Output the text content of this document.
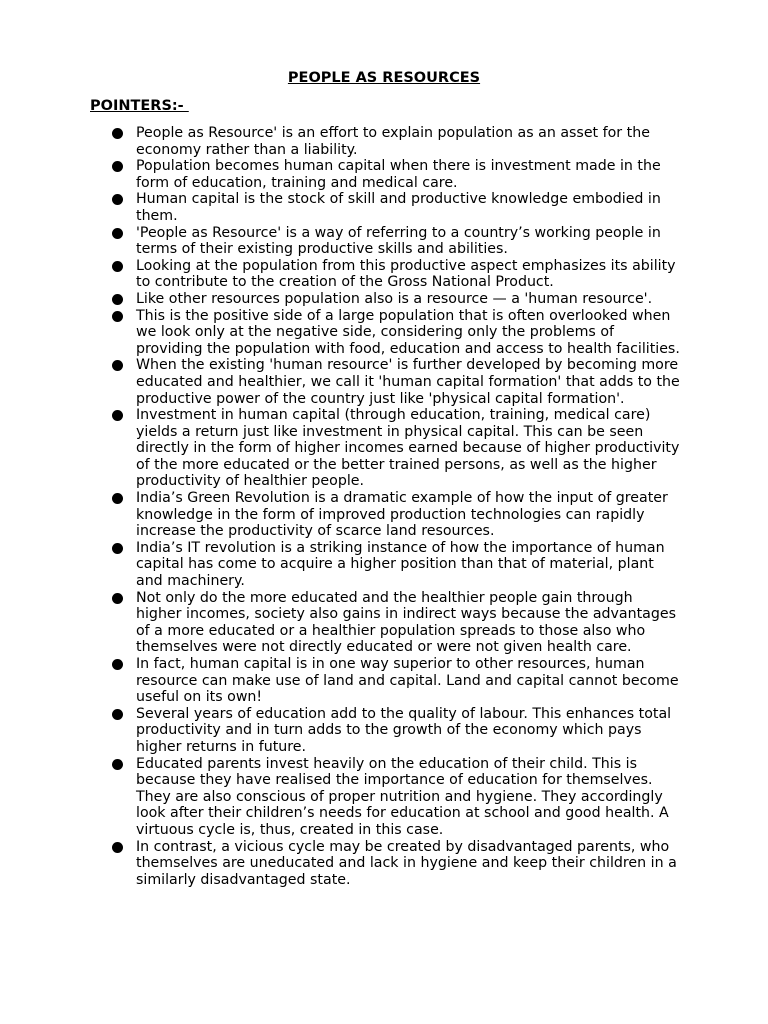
PEOPLE AS RESOURCES
POINTERS:-
People as Resource' is an effort to explain population as an asset for the economy rather than a liability.
Population becomes human capital when there is investment made in the form of education, training and medical care.
Human capital is the stock of skill and productive knowledge embodied in them.
'People as Resource' is a way of referring to a country’s working people in terms of their existing productive skills and abilities.
Looking at the population from this productive aspect emphasizes its ability to contribute to the creation of the Gross National Product.
Like other resources population also is a resource — a 'human resource'.
This is the positive side of a large population that is often overlooked when we look only at the negative side, considering only the problems of providing the population with food, education and access to health facilities.
When the existing 'human resource' is further developed by becoming more educated and healthier, we call it 'human capital formation' that adds to the productive power of the country just like 'physical capital formation'.
Investment in human capital (through education, training, medical care) yields a return just like investment in physical capital. This can be seen directly in the form of higher incomes earned because of higher productivity of the more educated or the better trained persons, as well as the higher productivity of healthier people.
India’s Green Revolution is a dramatic example of how the input of greater knowledge in the form of improved production technologies can rapidly increase the productivity of scarce land resources.
India’s IT revolution is a striking instance of how the importance of human capital has come to acquire a higher position than that of material, plant and machinery.
Not only do the more educated and the healthier people gain through higher incomes, society also gains in indirect ways because the advantages of a more educated or a healthier population spreads to those also who themselves were not directly educated or were not given health care.
In fact, human capital is in one way superior to other resources, human resource can make use of land and capital. Land and capital cannot become useful on its own!
Several years of education add to the quality of labour. This enhances total productivity and in turn adds to the growth of the economy which pays higher returns in future.
Educated parents invest heavily on the education of their child. This is because they have realised the importance of education for themselves. They are also conscious of proper nutrition and hygiene. They accordingly look after their children’s needs for education at school and good health. A virtuous cycle is, thus, created in this case.
In contrast, a vicious cycle may be created by disadvantaged parents, who themselves are uneducated and lack in hygiene and keep their children in a similarly disadvantaged state.
